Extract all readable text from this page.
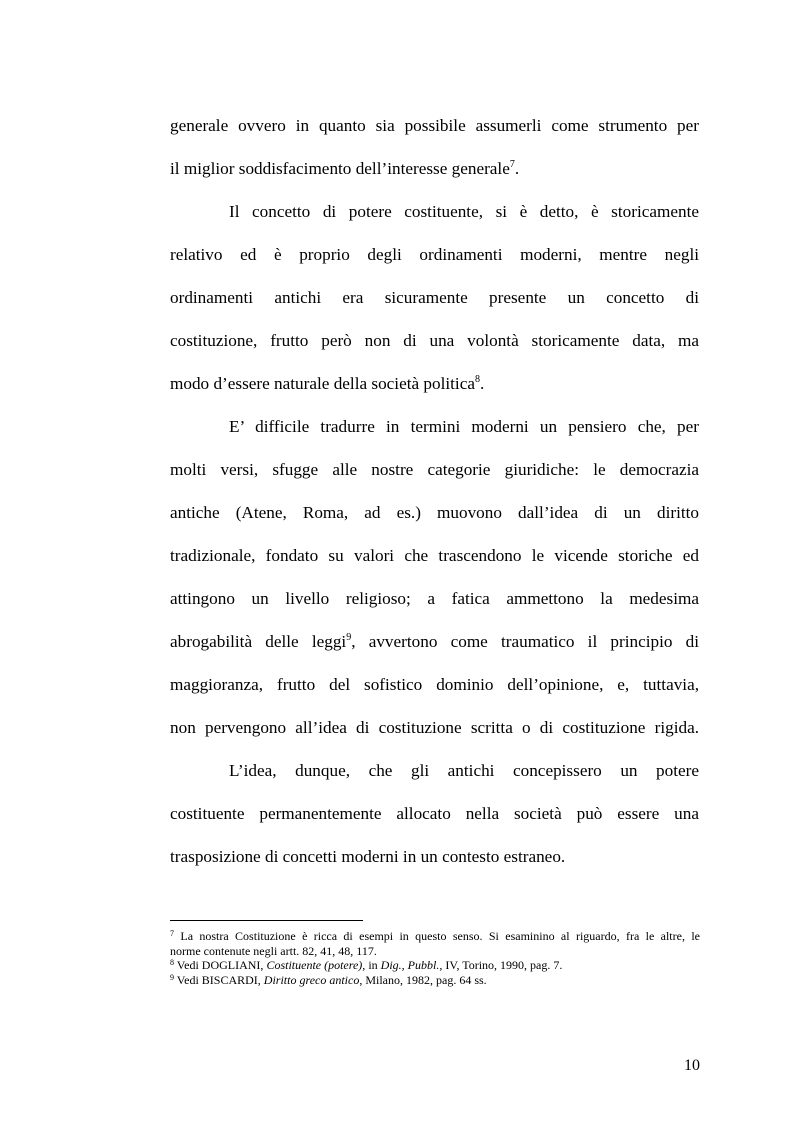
generale ovvero in quanto sia possibile assumerli come strumento per
il miglior soddisfacimento dell’interesse generale$^7$.
Il concetto di potere costituente, si è detto, è storicamente
relativo ed è proprio degli ordinamenti moderni, mentre negli
ordinamenti antichi era sicuramente presente un concetto di
costituzione, frutto però non di una volontà storicamente data, ma
modo d’essere naturale della società politica$^8$.
E’ difficile tradurre in termini moderni un pensiero che, per
molti versi, sfugge alle nostre categorie giuridiche: le democrazia
antiche (Atene, Roma, ad es.) muovono dall’idea di un diritto
tradizionale, fondato su valori che trascendono le vicende storiche ed
attingono un livello religioso; a fatica ammettono la medesima
abrogabilità delle leggi$^9$, avvertono come traumatico il principio di
maggioranza, frutto del sofistico dominio dell’opinione, e, tuttavia,
non pervengono all’idea di costituzione scritta o di costituzione rigida.
L’idea, dunque, che gli antichi concepissero un potere
costituente permanentemente allocato nella società può essere una
trasposizione di concetti moderni in un contesto estraneo.
$^7$ La nostra Costituzione è ricca di esempi in questo senso. Si esaminino al riguardo, fra le altre, le
norme contenute negli artt. 82, 41, 48, 117.
$^8$ Vedi DOGLIANI, Costituente (potere), in Dig., Pubbl., IV, Torino, 1990, pag. 7.
$^9$ Vedi BISCARDI, Diritto greco antico, Milano, 1982, pag. 64 ss.
10
